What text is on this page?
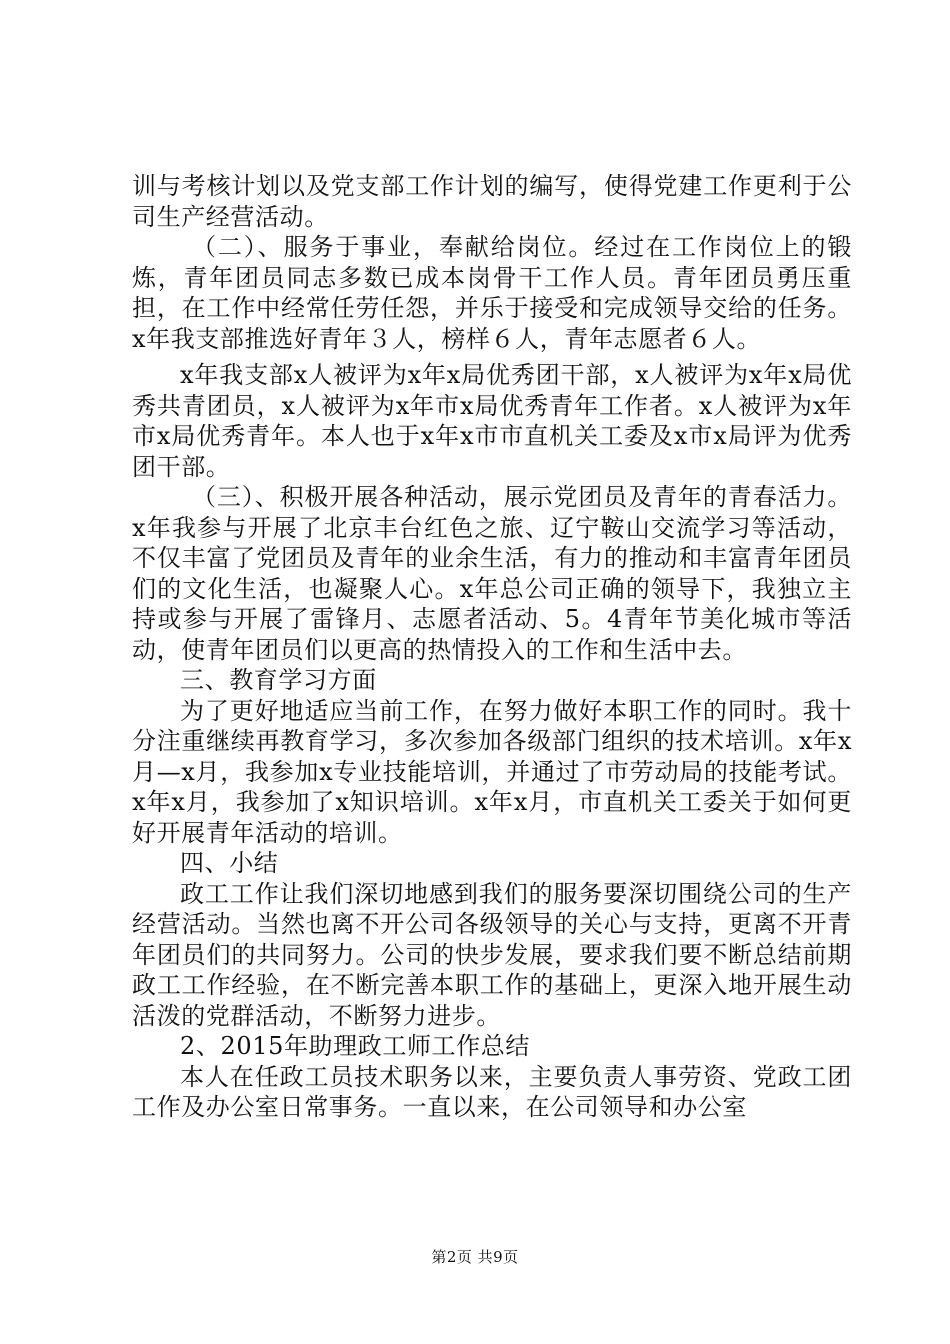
训与考核计划以及党支部工作计划的编写，使得党建工作更利于公司生产经营活动。

（二）、服务于事业，奉献给岗位。经过在工作岗位上的锻炼，青年团员同志多数已成本岗骨干工作人员。青年团员勇压重担，在工作中经常任劳任怨，并乐于接受和完成领导交给的任务。x年我支部推选好青年３人，榜样６人，青年志愿者６人。

x年我支部x人被评为x年x局优秀团干部，x人被评为x年x局优秀共青团员，x人被评为x年市x局优秀青年工作者。x人被评为x年市x局优秀青年。本人也于x年x市市直机关工委及x市x局评为优秀团干部。

（三）、积极开展各种活动，展示党团员及青年的青春活力。x年我参与开展了北京丰台红色之旅、辽宁鞍山交流学习等活动，不仅丰富了党团员及青年的业余生活，有力的推动和丰富青年团员们的文化生活，也凝聚人心。x年总公司正确的领导下，我独立主持或参与开展了雷锋月、志愿者活动、5。4青年节美化城市等活动，使青年团员们以更高的热情投入的工作和生活中去。

三、教育学习方面

为了更好地适应当前工作，在努力做好本职工作的同时。我十分注重继续再教育学习，多次参加各级部门组织的技术培训。x年x月—x月，我参加x专业技能培训，并通过了市劳动局的技能考试。x年x月，我参加了x知识培训。x年x月，市直机关工委关于如何更好开展青年活动的培训。

四、小结

政工工作让我们深切地感到我们的服务要深切围绕公司的生产经营活动。当然也离不开公司各级领导的关心与支持，更离不开青年团员们的共同努力。公司的快步发展，要求我们要不断总结前期政工工作经验，在不断完善本职工作的基础上，更深入地开展生动活泼的党群活动，不断努力进步。

2、2015年助理政工师工作总结

本人在任政工员技术职务以来，主要负责人事劳资、党政工团工作及办公室日常事务。一直以来，在公司领导和办公室

第2页 共9页
